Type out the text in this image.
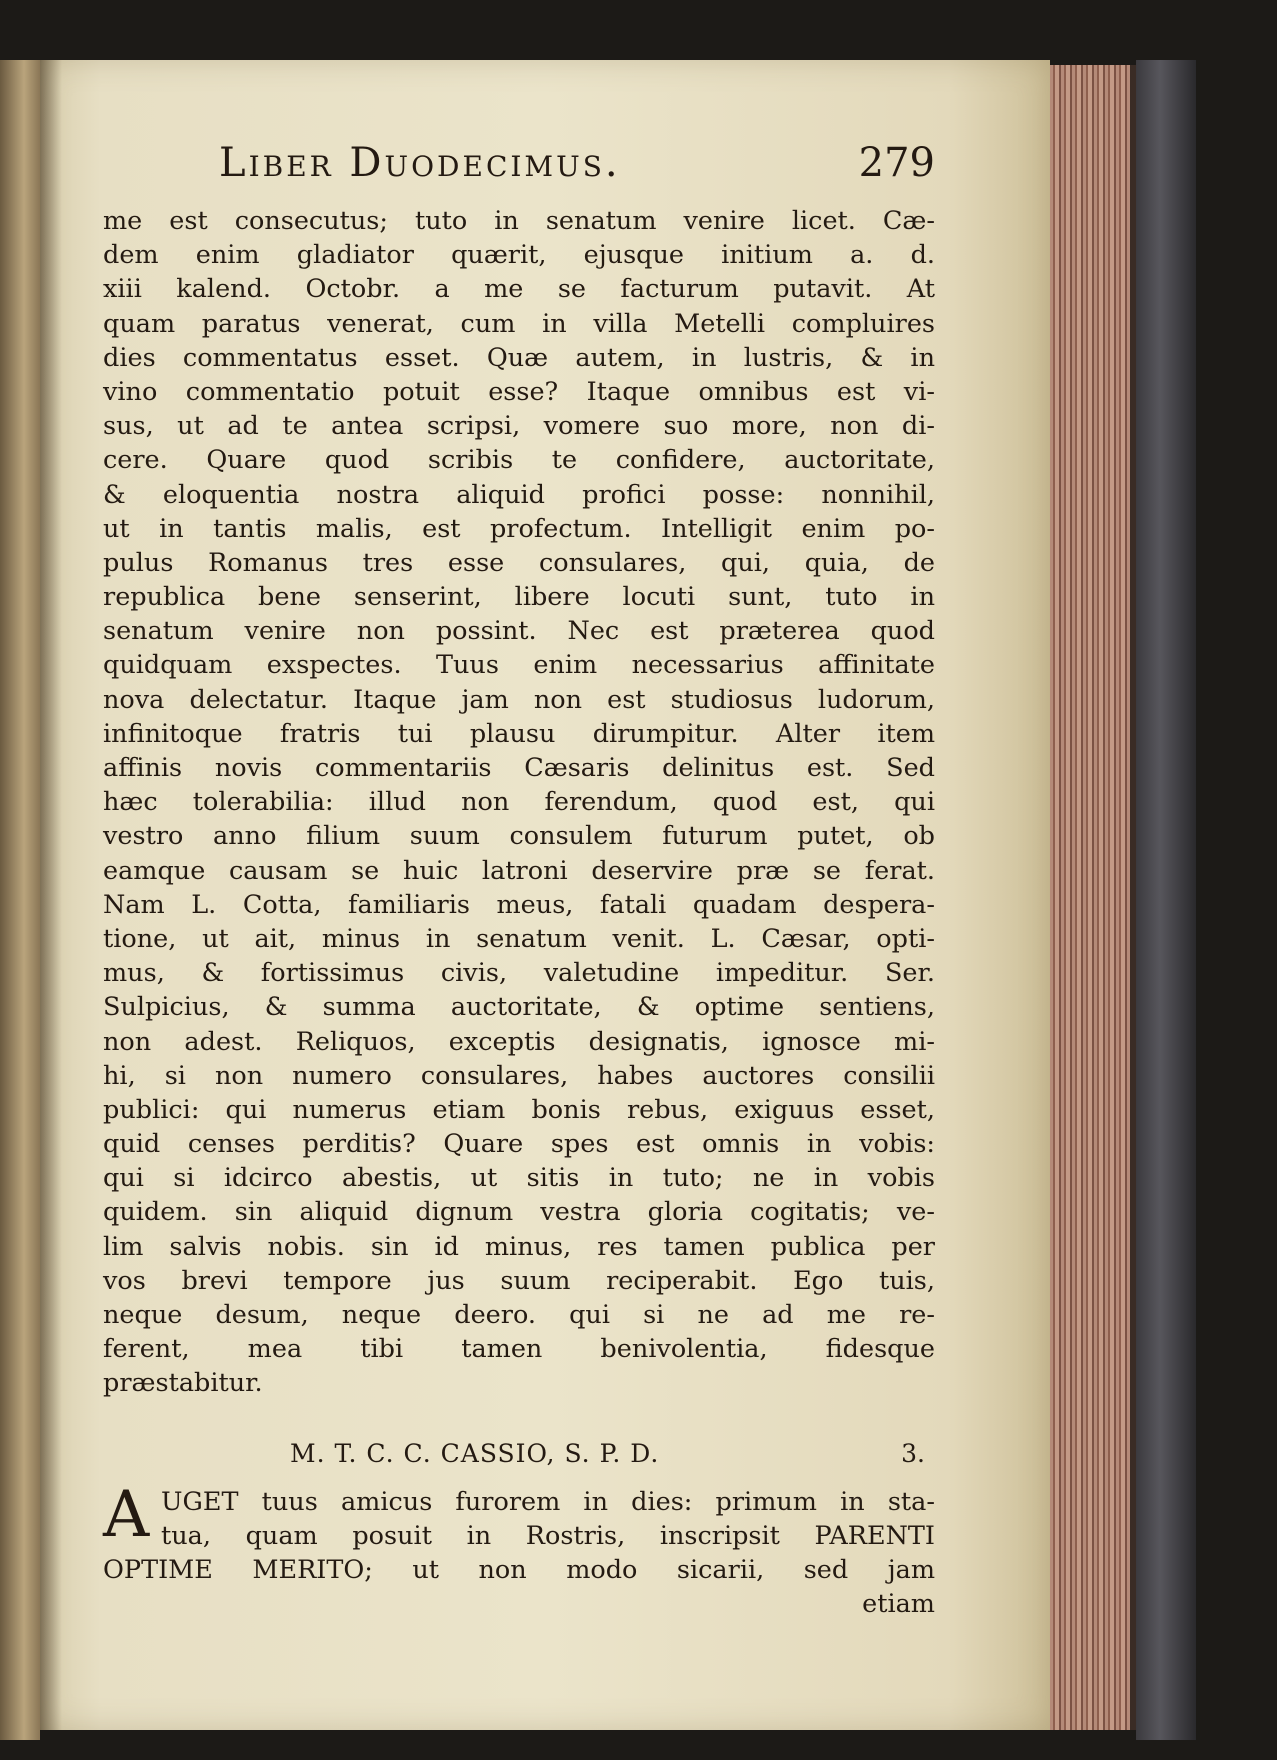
Liber Duodecimus.	279
me est consecutus; tuto in senatum venire licet. Cæ-
dem enim gladiator quærit, ejusque initium a. d.
xiii kalend. Octobr. a me se facturum putavit. At
quam paratus venerat, cum in villa Metelli compluires
dies commentatus esset. Quæ autem, in lustris, & in
vino commentatio potuit esse? Itaque omnibus est vi-
sus, ut ad te antea scripsi, vomere suo more, non di-
cere. Quare quod scribis te confidere, auctoritate,
& eloquentia nostra aliquid profici posse: nonnihil,
ut in tantis malis, est profectum. Intelligit enim po-
pulus Romanus tres esse consulares, qui, quia, de
republica bene senserint, libere locuti sunt, tuto in
senatum venire non possint. Nec est præterea quod
quidquam exspectes. Tuus enim necessarius affinitate
nova delectatur. Itaque jam non est studiosus ludorum,
infinitoque fratris tui plausu dirumpitur. Alter item
affinis novis commentariis Cæsaris delinitus est. Sed
hæc tolerabilia: illud non ferendum, quod est, qui
vestro anno filium suum consulem futurum putet, ob
eamque causam se huic latroni deservire præ se ferat.
Nam L. Cotta, familiaris meus, fatali quadam despera-
tione, ut ait, minus in senatum venit. L. Cæsar, opti-
mus, & fortissimus civis, valetudine impeditur. Ser.
Sulpicius, & summa auctoritate, & optime sentiens,
non adest. Reliquos, exceptis designatis, ignosce mi-
hi, si non numero consulares, habes auctores consilii
publici: qui numerus etiam bonis rebus, exiguus esset,
quid censes perditis? Quare spes est omnis in vobis:
qui si idcirco abestis, ut sitis in tuto; ne in vobis
quidem. sin aliquid dignum vestra gloria cogitatis; ve-
lim salvis nobis. sin id minus, res tamen publica per
vos brevi tempore jus suum reciperabit. Ego tuis,
neque desum, neque deero. qui si ne ad me re-
ferent, mea tibi tamen benivolentia, fidesque
præstabitur.
M. T. C. C. CASSIO, S. P. D.	3.
A UGET tuus amicus furorem in dies: primum in sta-
tua, quam posuit in Rostris, inscripsit PARENTI
OPTIME MERITO; ut non modo sicarii, sed jam
etiam
